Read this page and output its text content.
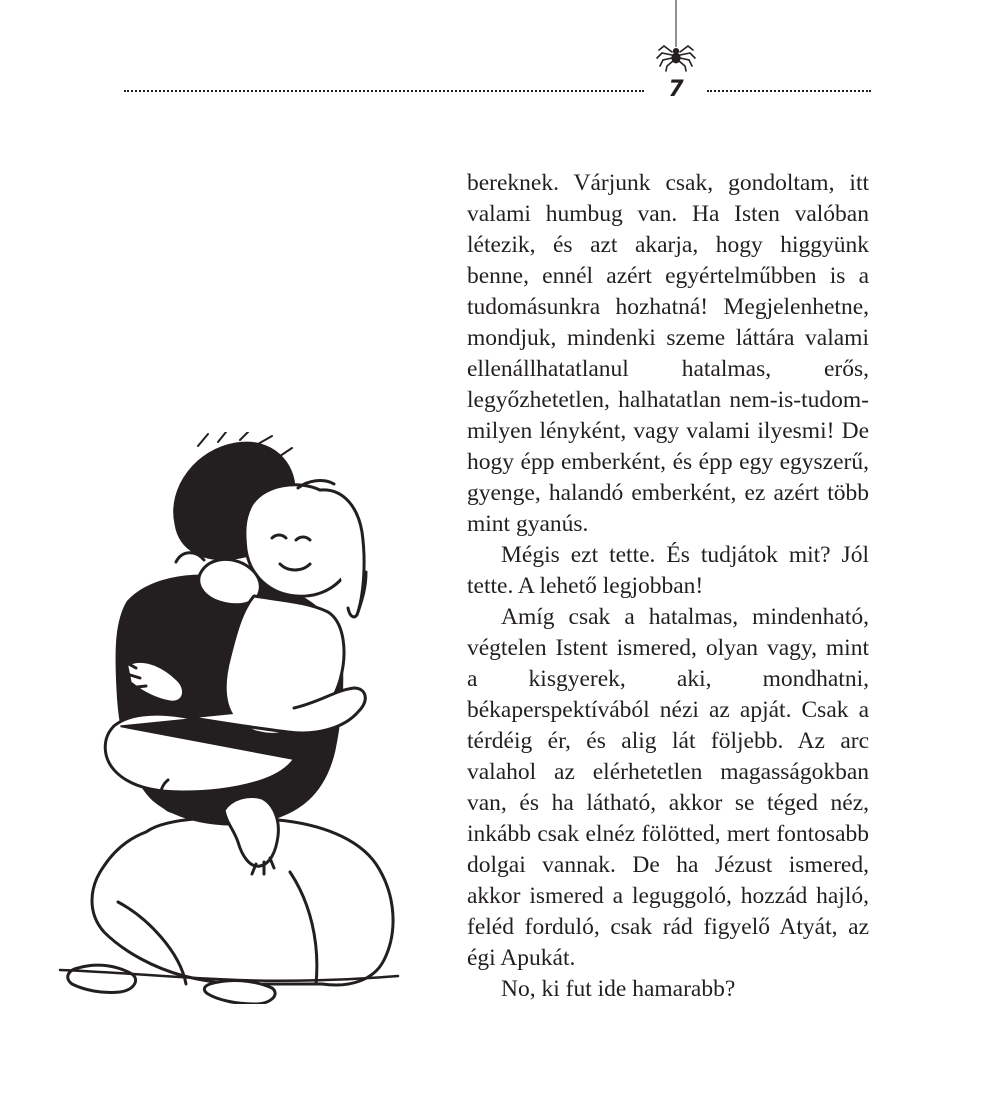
7

bereknek. Várjunk csak, gondoltam, itt valami humbug van. Ha Isten valóban létezik, és azt akarja, hogy higgyünk benne, ennél azért egyértelműbben is a tudomásunkra hozhatná! Megjelenhetne, mondjuk, mindenki szeme láttára valami ellenállhatatlanul hatalmas, erős, legyőzhetetlen, halhatatlan nem-is-tudom-milyen lényként, vagy valami ilyesmi! De hogy épp emberként, és épp egy egyszerű, gyenge, halandó emberként, ez azért több mint gyanús.

Mégis ezt tette. És tudjátok mit? Jól tette. A lehető legjobban!

Amíg csak a hatalmas, mindenható, végtelen Istent ismered, olyan vagy, mint a kisgyerek, aki, mondhatni, békaperspektívából nézi az apját. Csak a térdéig ér, és alig lát följebb. Az arc valahol az elérhetetlen magasságokban van, és ha látható, akkor se téged néz, inkább csak elnéz fölötted, mert fontosabb dolgai vannak. De ha Jézust ismered, akkor ismered a leguggoló, hozzád hajló, feléd forduló, csak rád figyelő Atyát, az égi Apukát.

No, ki fut ide hamarabb?
